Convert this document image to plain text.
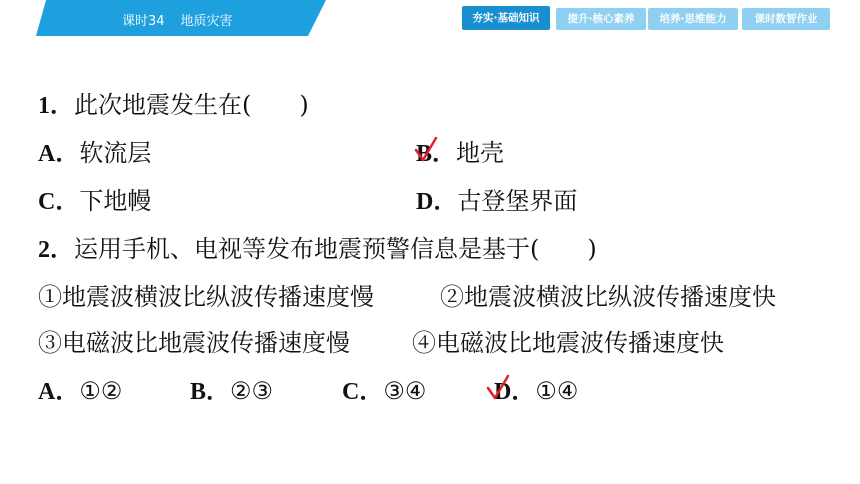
课时34 地质灾害	夯实·基础知识	提升·核心素养	培养·思维能力	课时数智作业
1．此次地震发生在(　　)
A．软流层	B．地壳
C．下地幔	D．古登堡界面
2．运用手机、电视等发布地震预警信息是基于(　　)
①地震波横波比纵波传播速度慢	②地震波横波比纵波传播速度快
③电磁波比地震波传播速度慢	④电磁波比地震波传播速度快
A．①②	B．②③	C．③④	D．①④
